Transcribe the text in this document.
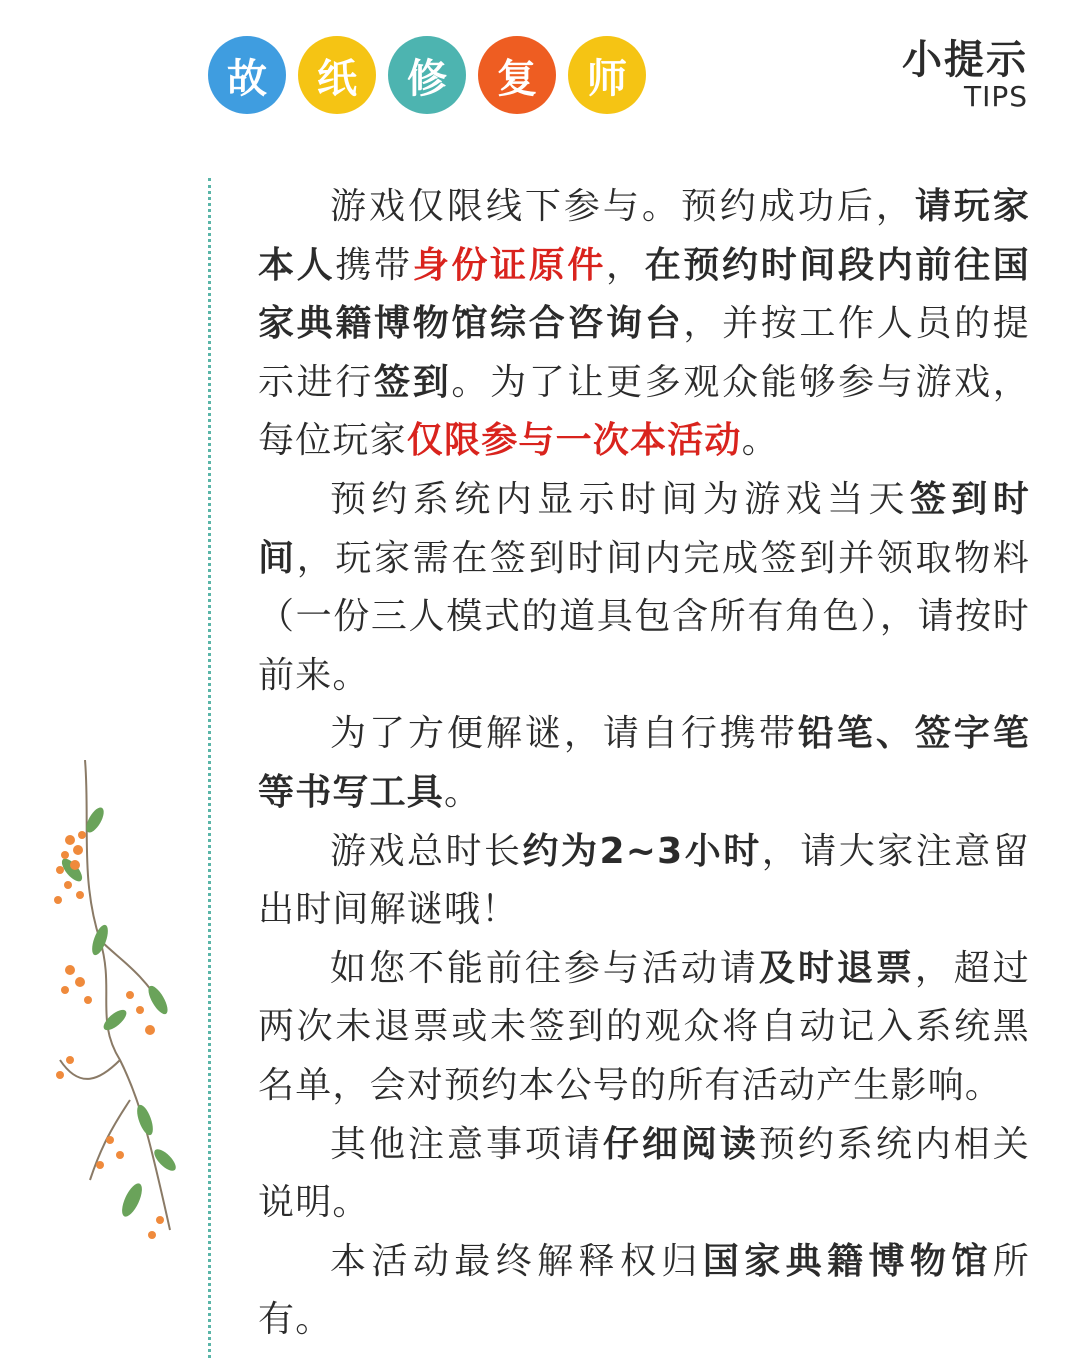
故	纸	修	复	师	小提示
TIPS

游戏仅限线下参与。预约成功后，请玩家本人携带身份证原件，在预约时间段内前往国家典籍博物馆综合咨询台，并按工作人员的提示进行签到。为了让更多观众能够参与游戏，每位玩家仅限参与一次本活动。

预约系统内显示时间为游戏当天签到时间，玩家需在签到时间内完成签到并领取物料（一份三人模式的道具包含所有角色），请按时前来。

为了方便解谜，请自行携带铅笔、签字笔等书写工具。

游戏总时长约为2~3小时，请大家注意留出时间解谜哦！

如您不能前往参与活动请及时退票，超过两次未退票或未签到的观众将自动记入系统黑名单，会对预约本公号的所有活动产生影响。

其他注意事项请仔细阅读预约系统内相关说明。

本活动最终解释权归国家典籍博物馆所有。
